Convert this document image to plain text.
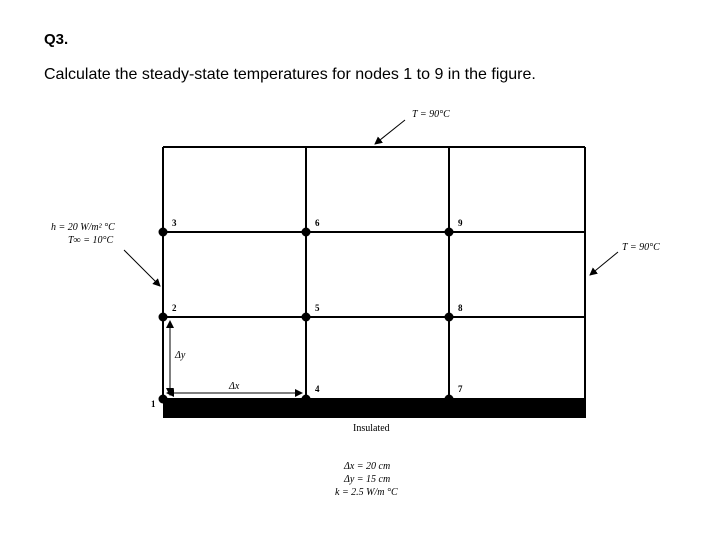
Q3.
Calculate the steady-state temperatures for nodes 1 to 9 in the figure.
1
2
3
4
5
6
7
8
9
T = 90°C
T = 90°C
h = 20 W/m² °C
T∞ = 10°C
Δy
Δx
Insulated
Δx = 20 cm
Δy = 15 cm
k = 2.5 W/m °C
